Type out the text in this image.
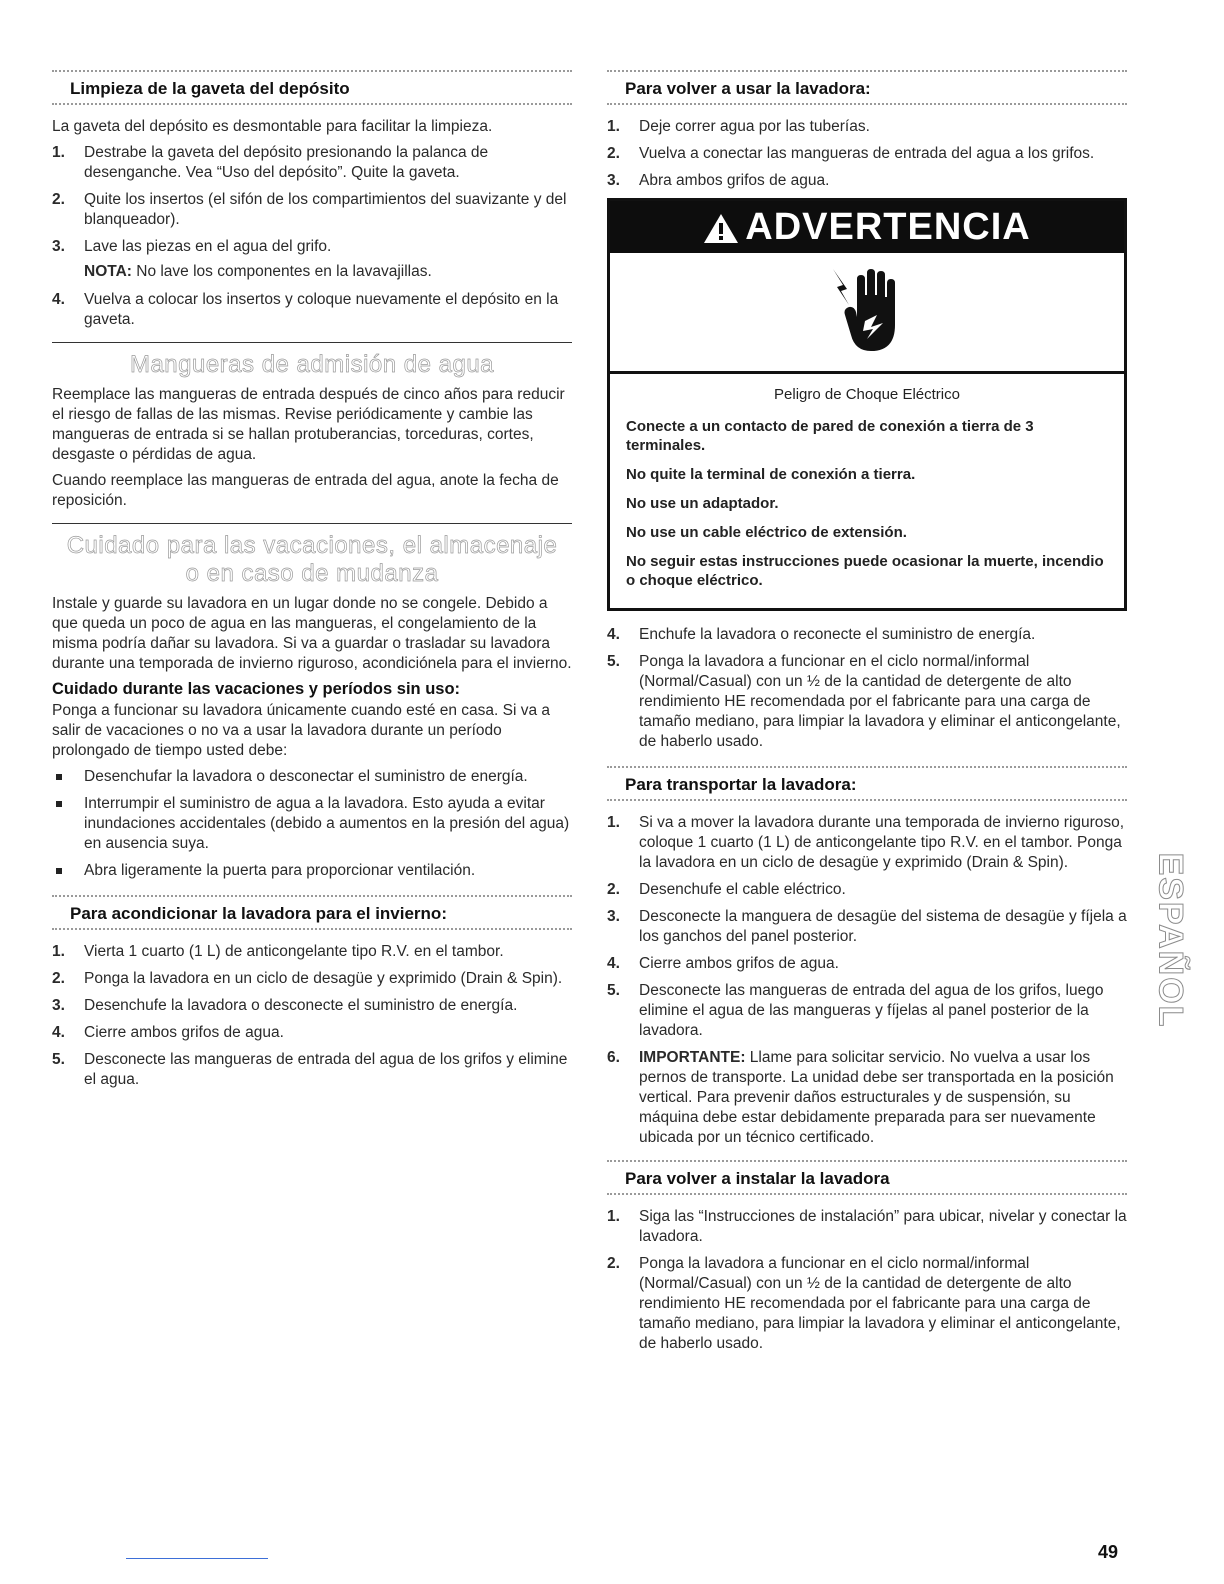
Limpieza de la gaveta del depósito

La gaveta del depósito es desmontable para facilitar la limpieza.

1. Destrabe la gaveta del depósito presionando la palanca de desenganche. Vea “Uso del depósito”. Quite la gaveta.
2. Quite los insertos (el sifón de los compartimientos del suavizante y del blanqueador).
3. Lave las piezas en el agua del grifo.
NOTA: No lave los componentes en la lavavajillas.
4. Vuelva a colocar los insertos y coloque nuevamente el depósito en la gaveta.
Mangueras de admisión de agua

Reemplace las mangueras de entrada después de cinco años para reducir el riesgo de fallas de las mismas. Revise periódicamente y cambie las mangueras de entrada si se hallan protuberancias, torceduras, cortes, desgaste o pérdidas de agua.

Cuando reemplace las mangueras de entrada del agua, anote la fecha de reposición.

Cuidado para las vacaciones, el almacenaje
o en caso de mudanza

Instale y guarde su lavadora en un lugar donde no se congele. Debido a que queda un poco de agua en las mangueras, el congelamiento de la misma podría dañar su lavadora. Si va a guardar o trasladar su lavadora durante una temporada de invierno riguroso, acondiciónela para el invierno.

Cuidado durante las vacaciones y períodos sin uso:

Ponga a funcionar su lavadora únicamente cuando esté en casa. Si va a salir de vacaciones o no va a usar la lavadora durante un período prolongado de tiempo usted debe:

Desenchufar la lavadora o desconectar el suministro de energía.
Interrumpir el suministro de agua a la lavadora. Esto ayuda a evitar inundaciones accidentales (debido a aumentos en la presión del agua) en ausencia suya.
Abra ligeramente la puerta para proporcionar ventilación.
Para acondicionar la lavadora para el invierno:
1. Vierta 1 cuarto (1 L) de anticongelante tipo R.V. en el tambor.
2. Ponga la lavadora en un ciclo de desagüe y exprimido (Drain & Spin).
3. Desenchufe la lavadora o desconecte el suministro de energía.
4. Cierre ambos grifos de agua.
5. Desconecte las mangueras de entrada del agua de los grifos y elimine el agua.
Para volver a usar la lavadora:
1. Deje correr agua por las tuberías.
2. Vuelva a conectar las mangueras de entrada del agua a los grifos.
3. Abra ambos grifos de agua.
ADVERTENCIA
Peligro de Choque Eléctrico

Conecte a un contacto de pared de conexión a tierra de 3 terminales.

No quite la terminal de conexión a tierra.

No use un adaptador.

No use un cable eléctrico de extensión.

No seguir estas instrucciones puede ocasionar la muerte, incendio o choque eléctrico.

4. Enchufe la lavadora o reconecte el suministro de energía.
5. Ponga la lavadora a funcionar en el ciclo normal/informal (Normal/Casual) con un ½ de la cantidad de detergente de alto rendimiento HE recomendada por el fabricante para una carga de tamaño mediano, para limpiar la lavadora y eliminar el anticongelante, de haberlo usado.
Para transportar la lavadora:
1. Si va a mover la lavadora durante una temporada de invierno riguroso, coloque 1 cuarto (1 L) de anticongelante tipo R.V. en el tambor. Ponga la lavadora en un ciclo de desagüe y exprimido (Drain & Spin).
2. Desenchufe el cable eléctrico.
3. Desconecte la manguera de desagüe del sistema de desagüe y fíjela a los ganchos del panel posterior.
4. Cierre ambos grifos de agua.
5. Desconecte las mangueras de entrada del agua de los grifos, luego elimine el agua de las mangueras y fíjelas al panel posterior de la lavadora.
6. IMPORTANTE: Llame para solicitar servicio. No vuelva a usar los pernos de transporte. La unidad debe ser transportada en la posición vertical. Para prevenir daños estructurales y de suspensión, su máquina debe estar debidamente preparada para ser nuevamente ubicada por un técnico certificado.
Para volver a instalar la lavadora
1. Siga las “Instrucciones de instalación” para ubicar, nivelar y conectar la lavadora.
2. Ponga la lavadora a funcionar en el ciclo normal/informal (Normal/Casual) con un ½ de la cantidad de detergente de alto rendimiento HE recomendada por el fabricante para una carga de tamaño mediano, para limpiar la lavadora y eliminar el anticongelante, de haberlo usado.
ESPAÑOL
49
